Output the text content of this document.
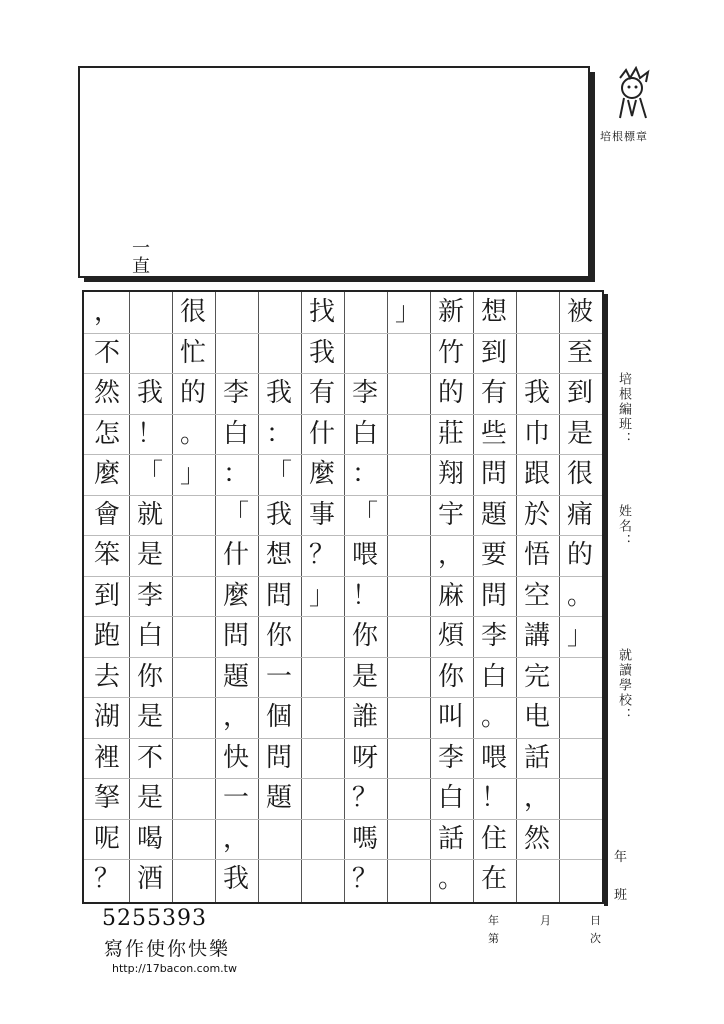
一直
培根標章
培根編班：
姓名：
就讀學校：
年
班
被
至
到
是
很
痛
的
。
」
我
巾
跟
於
悟
空
講
完
电
話
，
然
想
到
有
些
問
題
要
問
李
白
。
喂
！
住
在
新
竹
的
莊
翔
宇
，
麻
煩
你
叫
李
白
話
。
」
李
白
：
「
喂
！
你
是
誰
呀
？
嗎
？
找
我
有
什
麼
事
？
」
我
：
「
我
想
問
你
一
個
問
題
李
白
：
「
什
麼
問
題
，
快
一
，
我
很
忙
的
。
」
我
！
「
就
是
李
白
你
是
不
是
喝
酒
，
不
然
怎
麼
會
笨
到
跑
去
湖
裡
拏
呢
？
5255393
寫作使你快樂
http://17bacon.com.tw
年	月	日
第	次
